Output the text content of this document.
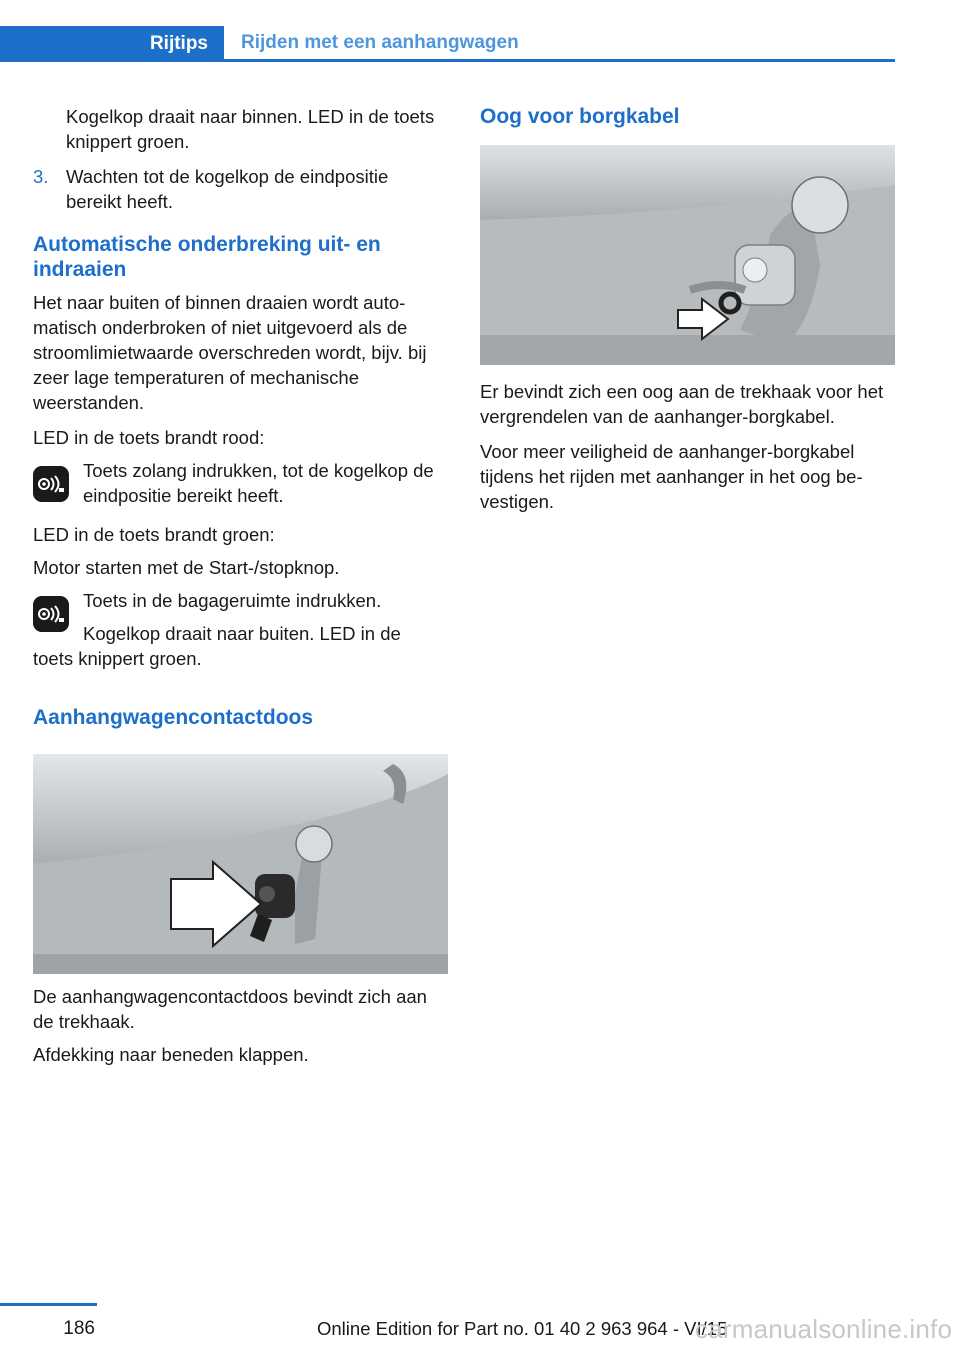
Rijtips	Rijden met een aanhangwagen

Kogelkop draait naar binnen. LED in de toets knippert groen.

3. Wachten tot de kogelkop de eindpositie bereikt heeft.
Automatische onderbreking uit- en indraaien

Het naar buiten of binnen draaien wordt automatisch onderbroken of niet uitgevoerd als de stroomlimietwaarde overschreden wordt, bijv. bij zeer lage temperaturen of mechanische weerstanden.

LED in de toets brandt rood:

Toets zolang indrukken, tot de kogelkop de eindpositie bereikt heeft.

LED in de toets brandt groen:

Motor starten met de Start-/stopknop.

Toets in de bagageruimte indrukken.

Kogelkop draait naar buiten. LED in de toets knippert groen.

Aanhangwagencontactdoos

De aanhangwagencontactdoos bevindt zich aan de trekhaak.

Afdekking naar beneden klappen.

Oog voor borgkabel

Er bevindt zich een oog aan de trekhaak voor het vergrendelen van de aanhanger-borgkabel.

Voor meer veiligheid de aanhanger-borgkabel tijdens het rijden met aanhanger in het oog bevestigen.

186	Online Edition for Part no. 01 40 2 963 964 - VI/15
carmanualsonline.info
